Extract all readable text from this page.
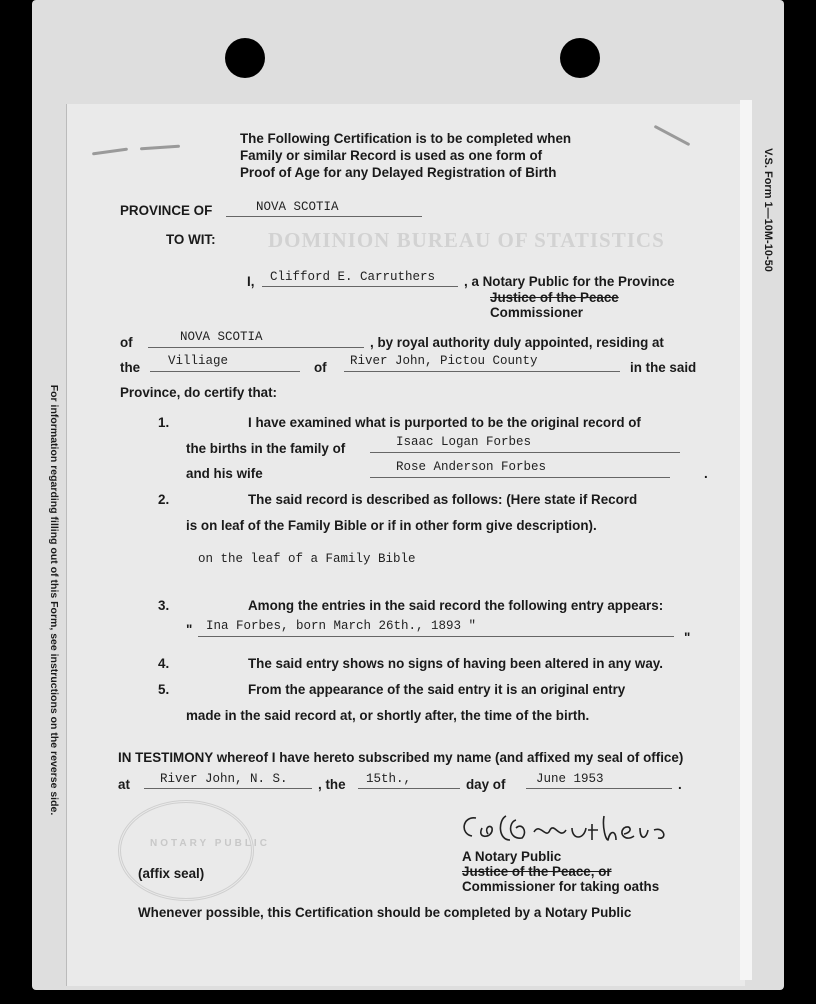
For information regarding filling out of this Form, see instructions on the reverse side.
V.S. Form 1—10M-10-50
DOMINION BUREAU OF STATISTICS
The Following Certification is to be completed when
Family or similar Record is used as one form of
Proof of Age for any Delayed Registration of Birth
PROVINCE OF	NOVA SCOTIA
TO WIT:
I, Clifford E. Carruthers , a Notary Public for the Province
Justice of the Peace
Commissioner
of	NOVA SCOTIA	, by royal authority duly appointed, residing at
the Villiage	of River John, Pictou County	in the said
Province, do certify that:
1.	I have examined what is purported to be the original record of
the births in the family of	Isaac Logan Forbes
and his wife	Rose Anderson Forbes	.
2.	The said record is described as follows: (Here state if Record
is on leaf of the Family Bible or if in other form give description).
on the leaf of a Family Bible
3.	Among the entries in the said record the following entry appears:
" Ina Forbes, born March 26th., 1893 "
"
4.	The said entry shows no signs of having been altered in any way.
5.	From the appearance of the said entry it is an original entry
made in the said record at, or shortly after, the time of the birth.
IN TESTIMONY whereof I have hereto subscribed my name (and affixed my seal of office)
at River John, N. S. , the 15th.,	day of June 1953	.
NOTARY PUBLIC
A Notary Public
Justice of the Peace, or
Commissioner for taking oaths
(affix seal)
Whenever possible, this Certification should be completed by a Notary Public
